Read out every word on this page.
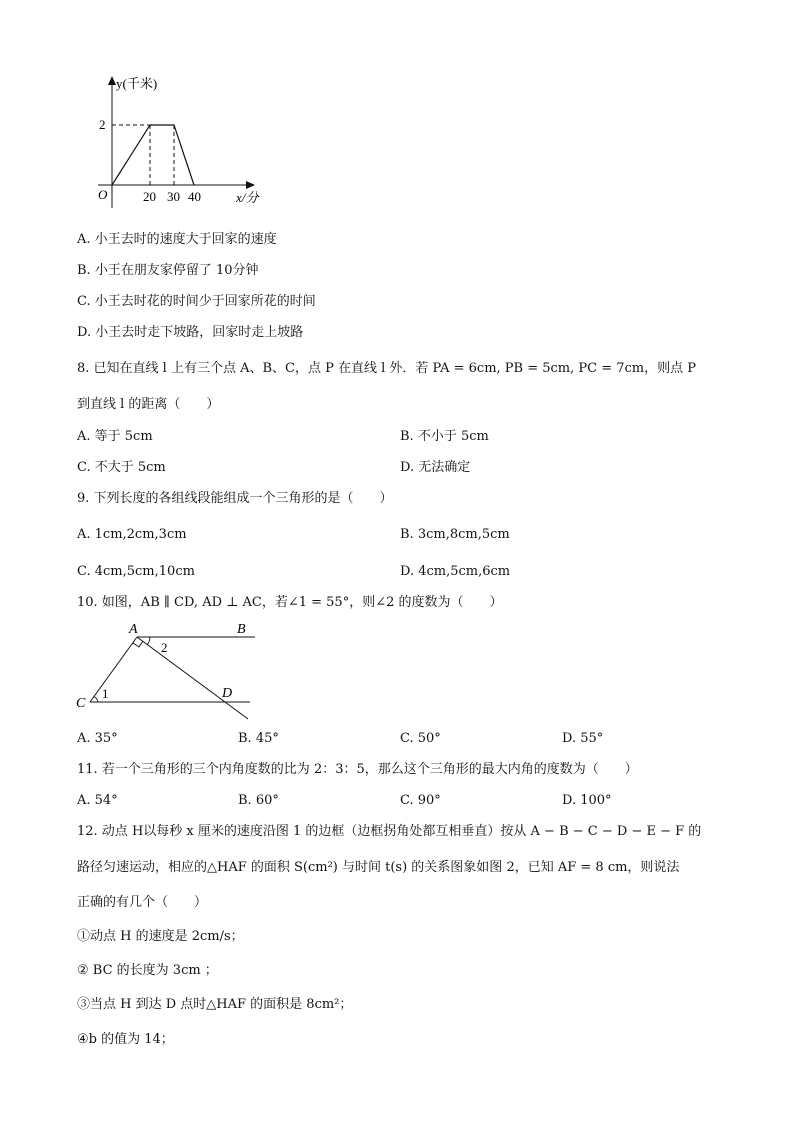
y(千米)
2
O	20 30 40	x/分
A. 小王去时的速度大于回家的速度
B. 小王在朋友家停留了 10分钟
C. 小王去时花的时间少于回家所花的时间
D. 小王去时走下坡路，回家时走上坡路
8. 已知在直线 l 上有三个点 A、B、C，点 P 在直线 l 外．若 PA = 6cm, PB = 5cm, PC = 7cm，则点 P
到直线 l 的距离（　　）
A. 等于 5cm	B. 不小于 5cm
C. 不大于 5cm	D. 无法确定
9. 下列长度的各组线段能组成一个三角形的是（　　）
A. 1cm,2cm,3cm	B. 3cm,8cm,5cm
C. 4cm,5cm,10cm	D. 4cm,5cm,6cm
10. 如图，AB ∥ CD, AD ⊥ AC，若∠1 = 55°，则∠2 的度数为（　　）
A	B
C
D
1
2
A. 35°	B. 45°	C. 50°	D. 55°
11. 若一个三角形的三个内角度数的比为 2：3：5，那么这个三角形的最大内角的度数为（　　）
A. 54°	B. 60°	C. 90°	D. 100°
12. 动点 H以每秒 x 厘米的速度沿图 1 的边框（边框拐角处都互相垂直）按从 A − B − C − D − E − F 的
路径匀速运动，相应的△HAF 的面积 S(cm²) 与时间 t(s) 的关系图象如图 2，已知 AF = 8 cm，则说法
正确的有几个（　　）
①动点 H 的速度是 2cm/s；
② BC 的长度为 3cm ；
③当点 H 到达 D 点时△HAF 的面积是 8cm²；
④b 的值为 14；
